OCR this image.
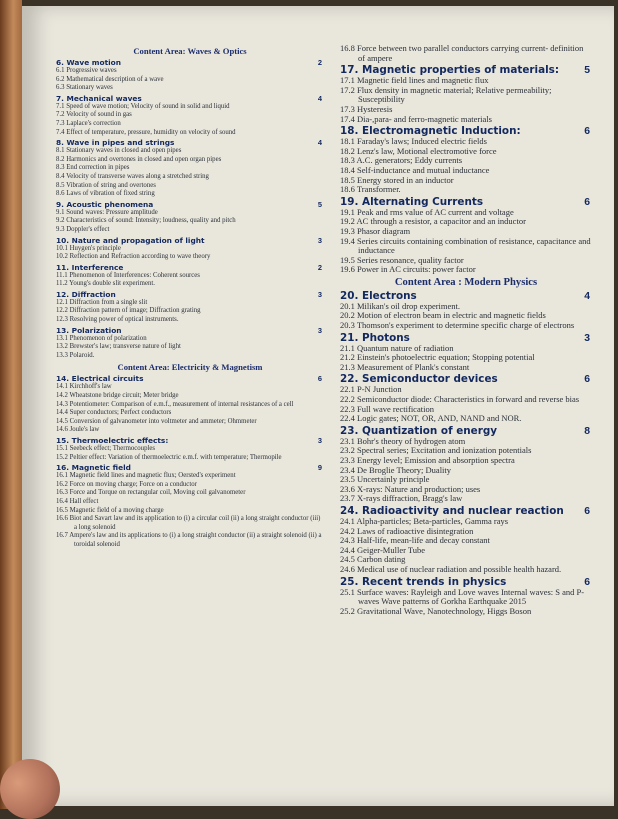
Content Area: Waves & Optics
6. Wave motion	2
6.1 Progressive waves
6.2 Mathematical description of a wave
6.3 Stationary waves
7. Mechanical waves	4
7.1 Speed of wave motion; Velocity of sound in solid and liquid
7.2 Velocity of sound in gas
7.3 Laplace's correction
7.4 Effect of temperature, pressure, humidity on velocity of sound
8. Wave in pipes and strings	4
8.1 Stationary waves in closed and open pipes
8.2 Harmonics and overtones in closed and open organ pipes
8.3 End correction in pipes
8.4 Velocity of transverse waves along a stretched string
8.5 Vibration of string and overtones
8.6 Laws of vibration of fixed string
9. Acoustic phenomena	5
9.1 Sound waves: Pressure amplitude
9.2 Characteristics of sound: Intensity; loudness, quality and pitch
9.3 Doppler's effect
10. Nature and propagation of light	3
10.1 Huygen's principle
10.2 Reflection and Refraction according to wave theory
11. Interference	2
11.1 Phenomenon of Interferences: Coherent sources
11.2 Young's double slit experiment.
12. Diffraction	3
12.1 Diffraction from a single slit
12.2 Diffraction pattern of image; Diffraction grating
12.3 Resolving power of optical instruments.
13. Polarization	3
13.1 Phenomenon of polarization
13.2 Brewster's law; transverse nature of light
13.3 Polaroid.
Content Area: Electricity & Magnetism
14. Electrical circuits	6
14.1 Kirchhoff's law
14.2 Wheatstone bridge circuit; Meter bridge
14.3 Potentiometer: Comparison of e.m.f., measurement of internal resistances of a cell
14.4 Super conductors; Perfect conductors
14.5 Conversion of galvanometer into voltmeter and ammeter; Ohmmeter
14.6 Joule's law
15. Thermoelectric effects:	3
15.1 Seebeck effect; Thermocouples
15.2 Peltier effect: Variation of thermoelectric e.m.f. with temperature; Thermopile
16. Magnetic field	9
16.1 Magnetic field lines and magnetic flux; Oersted's experiment
16.2 Force on moving charge; Force on a conductor
16.3 Force and Torque on rectangular coil, Moving coil galvanometer
16.4 Hall effect
16.5 Magnetic field of a moving charge
16.6 Biot and Savart law and its application to (i) a circular coil (ii) a long straight conductor (iii) a long solenoid
16.7 Ampere's law and its applications to (i) a long straight conductor (ii) a straight solenoid (ii) a toroidal solenoid
16.8 Force between two parallel conductors carrying current- definition of ampere
17. Magnetic properties of materials: 5
17.1 Magnetic field lines and magnetic flux
17.2 Flux density in magnetic material; Relative permeability; Susceptibility
17.3 Hysteresis
17.4 Dia-,para- and ferro-magnetic materials
18. Electromagnetic Induction:	6
18.1 Faraday's laws; Induced electric fields
18.2 Lenz's law, Motional electromotive force
18.3 A.C. generators; Eddy currents
18.4 Self-inductance and mutual inductance
18.5 Energy stored in an inductor
18.6 Transformer.
19. Alternating Currents	6
19.1 Peak and rms value of AC current and voltage
19.2 AC through a resistor, a capacitor and an inductor
19.3 Phasor diagram
19.4 Series circuits containing combination of resistance, capacitance and inductance
19.5 Series resonance, quality factor
19.6 Power in AC circuits: power factor
Content Area : Modern Physics
20. Electrons	4
20.1 Milikan's oil drop experiment.
20.2 Motion of electron beam in electric and magnetic fields
20.3 Thomson's experiment to determine specific charge of electrons
21. Photons	3
21.1 Quantum nature of radiation
21.2 Einstein's photoelectric equation; Stopping potential
21.3 Measurement of Plank's constant
22. Semiconductor devices	6
22.1 P-N Junction
22.2 Semiconductor diode: Characteristics in forward and reverse bias
22.3 Full wave rectification
22.4 Logic gates; NOT, OR, AND, NAND and NOR.
23. Quantization of energy	8
23.1 Bohr's theory of hydrogen atom
23.2 Spectral series; Excitation and ionization potentials
23.3 Energy level; Emission and absorption spectra
23.4 De Broglie Theory; Duality
23.5 Uncertainly principle
23.6 X-rays: Nature and production; uses
23.7 X-rays diffraction, Bragg's law
24. Radioactivity and nuclear reaction 6
24.1 Alpha-particles; Beta-particles, Gamma rays
24.2 Laws of radioactive disintegration
24.3 Half-life, mean-life and decay constant
24.4 Geiger-Muller Tube
24.5 Carbon dating
24.6 Medical use of nuclear radiation and possible health hazard.
25. Recent trends in physics	6
25.1 Surface waves: Rayleigh and Love waves Internal waves: S and P-waves Wave patterns of Gorkha Earthquake 2015
25.2 Gravitational Wave, Nanotechnology, Higgs Boson
